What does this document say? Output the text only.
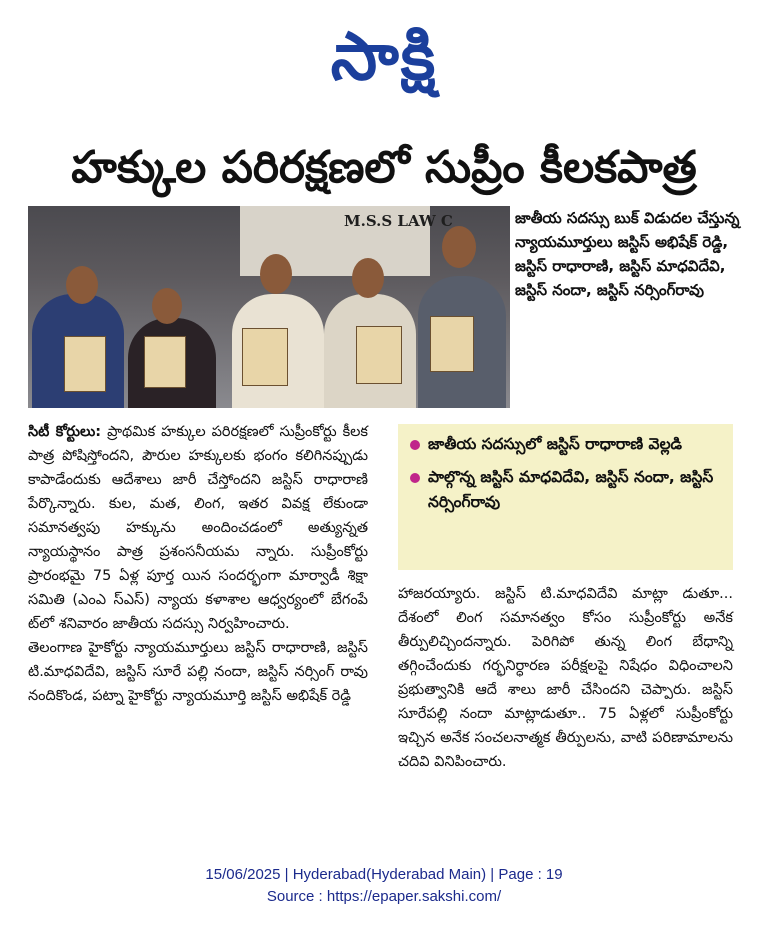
సాక్షి
హక్కుల పరిరక్షణలో సుప్రీం కీలకపాత్ర
M.S.S LAW C	జాతీయ సదస్సు బుక్ విడుదల చేస్తున్న న్యాయమూర్తులు జస్టిస్ అభిషేక్ రెడ్డి, జస్టిస్ రాధారాణి, జస్టిస్ మాధవిదేవి, జస్టిస్ నందా, జస్టిస్ నర్సింగ్‌రావు

సిటీ కోర్టులు: ప్రాథమిక హక్కుల పరిరక్షణలో సుప్రీంకోర్టు కీలక పాత్ర పోషిస్తోందని, పౌరుల హక్కులకు భంగం కలిగినప్పుడు కాపాడేందుకు ఆదేశాలు జారీ చేస్తోందని జస్టిస్ రాధారాణి పేర్కొన్నారు. కుల, మత, లింగ, ఇతర వివక్ష లేకుండా సమానత్వపు హక్కును అందించడంలో అత్యున్నత న్యాయస్థానం పాత్ర ప్రశంసనీయమ న్నారు. సుప్రీంకోర్టు ప్రారంభమై 75 ఏళ్ల పూర్త యిన సందర్భంగా మార్వాడీ శిక్షా సమితి (ఎంఎ స్ఎస్) న్యాయ కళాశాల ఆధ్వర్యంలో బేగంపే ట్‌లో శనివారం జాతీయ సదస్సు నిర్వహించారు.

తెలంగాణ హైకోర్టు న్యాయమూర్తులు జస్టిస్ రాధారాణి, జస్టిస్ టి.మాధవిదేవి, జస్టిస్ సూరే పల్లి నందా, జస్టిస్ నర్సింగ్ రావు నందికొండ, పట్నా హైకోర్టు న్యాయమూర్తి జస్టిస్ అభిషేక్ రెడ్డి

జాతీయ సదస్సులో జస్టిస్ రాధారాణి వెల్లడి
పాల్గొన్న జస్టిస్ మాధవిదేవి, జస్టిస్ నందా, జస్టిస్ నర్సింగ్‌రావు

హాజరయ్యారు. జస్టిస్ టి.మాధవిదేవి మాట్లా డుతూ... దేశంలో లింగ సమానత్వం కోసం సుప్రీంకోర్టు అనేక తీర్పులిచ్చిందన్నారు. పెరిగిపో తున్న లింగ బేధాన్ని తగ్గించేందుకు గర్భనిర్ధారణ పరీక్షలపై నిషేధం విధించాలని ప్రభుత్వానికి ఆదే శాలు జారీ చేసిందని చెప్పారు. జస్టిస్ సూరేపల్లి నందా మాట్లాడుతూ.. 75 ఏళ్లలో సుప్రీంకోర్టు ఇచ్చిన అనేక సంచలనాత్మక తీర్పులను, వాటి పరిణామాలను చదివి వినిపించారు.

15/06/2025 | Hyderabad(Hyderabad Main) | Page : 19
Source : https://epaper.sakshi.com/
